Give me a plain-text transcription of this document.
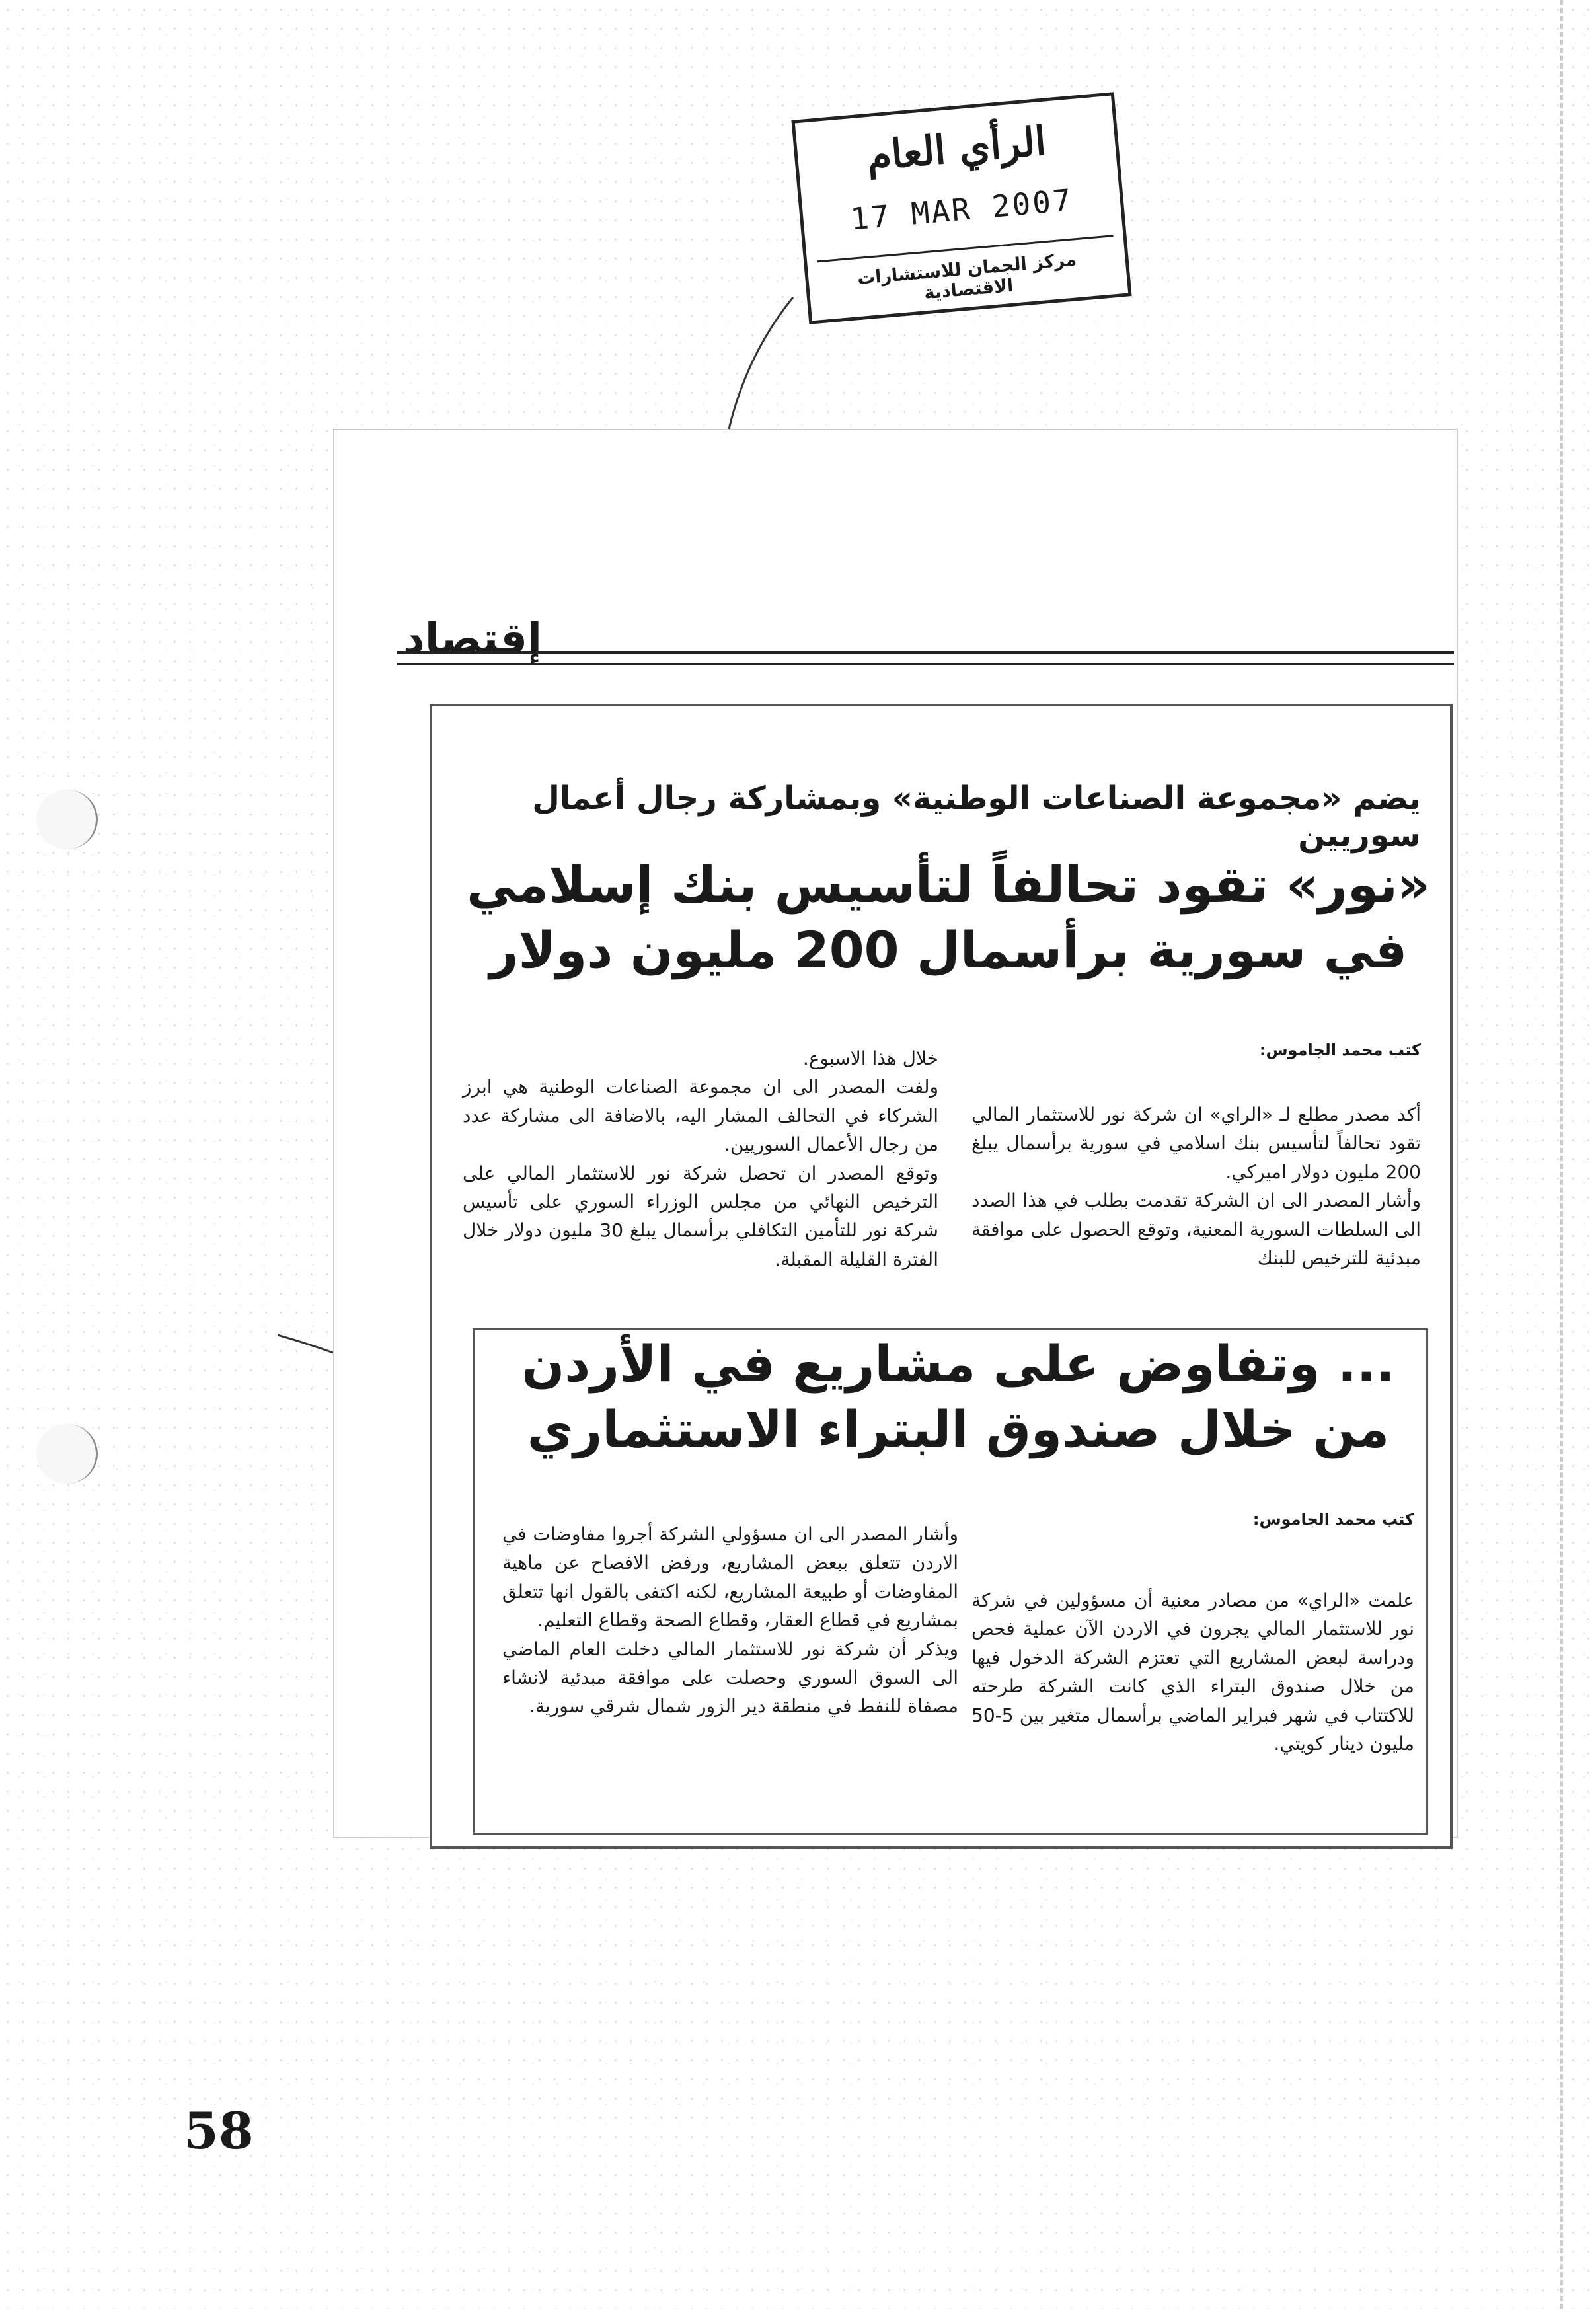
الرأي العام
17 MAR 2007
مركز الجمان للاستشارات الاقتصادية
إقتصاد
يضم «مجموعة الصناعات الوطنية» وبمشاركة رجال أعمال سوريين
«نور» تقود تحالفاً لتأسيس بنك إسلامي
في سورية برأسمال 200 مليون دولار
كتب محمد الجاموس:

أكد مصدر مطلع لـ «الراي» ان شركة نور للاستثمار المالي تقود تحالفاً لتأسيس بنك اسلامي في سورية برأسمال يبلغ 200 مليون دولار اميركي.

وأشار المصدر الى ان الشركة تقدمت بطلب في هذا الصدد الى السلطات السورية المعنية، وتوقع الحصول على موافقة مبدئية للترخيص للبنك

خلال هذا الاسبوع.

ولفت المصدر الى ان مجموعة الصناعات الوطنية هي ابرز الشركاء في التحالف المشار اليه، بالاضافة الى مشاركة عدد من رجال الأعمال السوريين.

وتوقع المصدر ان تحصل شركة نور للاستثمار المالي على الترخيص النهائي من مجلس الوزراء السوري على تأسيس شركة نور للتأمين التكافلي برأسمال يبلغ 30 مليون دولار خلال الفترة القليلة المقبلة.

... وتفاوض على مشاريع في الأردن
من خلال صندوق البتراء الاستثماري
كتب محمد الجاموس:

علمت «الراي» من مصادر معنية أن مسؤولين في شركة نور للاستثمار المالي يجرون في الاردن الآن عملية فحص ودراسة لبعض المشاريع التي تعتزم الشركة الدخول فيها من خلال صندوق البتراء الذي كانت الشركة طرحته للاكتتاب في شهر فبراير الماضي برأسمال متغير بين 5-50 مليون دينار كويتي.

وأشار المصدر الى ان مسؤولي الشركة أجروا مفاوضات في الاردن تتعلق ببعض المشاريع، ورفض الافصاح عن ماهية المفاوضات أو طبيعة المشاريع، لكنه اكتفى بالقول انها تتعلق بمشاريع في قطاع العقار، وقطاع الصحة وقطاع التعليم.

ويذكر أن شركة نور للاستثمار المالي دخلت العام الماضي الى السوق السوري وحصلت على موافقة مبدئية لانشاء مصفاة للنفط في منطقة دير الزور شمال شرقي سورية.

58
